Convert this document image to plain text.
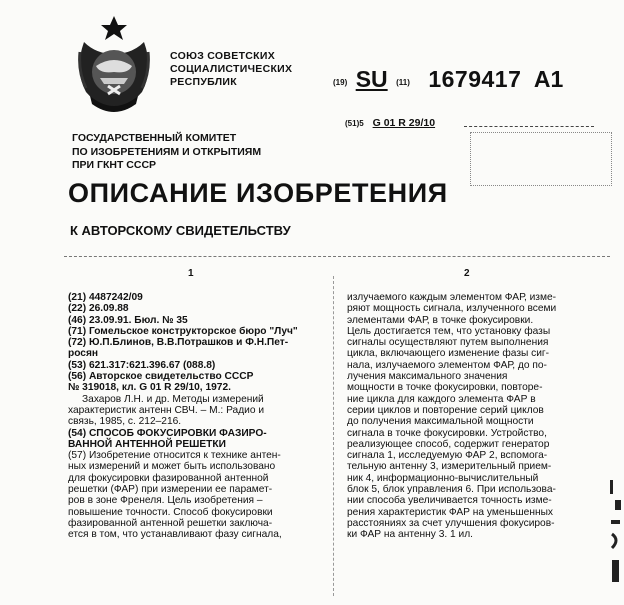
СОЮЗ СОВЕТСКИХ
СОЦИАЛИСТИЧЕСКИХ
РЕСПУБЛИК	(19) SU (11) 1679417 A1
(51)5 G 01 R 29/10
ГОСУДАРСТВЕННЫЙ КОМИТЕТ
ПО ИЗОБРЕТЕНИЯМ И ОТКРЫТИЯМ
ПРИ ГКНТ СССР
ОПИСАНИЕ ИЗОБРЕТЕНИЯ
К АВТОРСКОМУ СВИДЕТЕЛЬСТВУ
1	2
(21) 4487242/09
(22) 26.09.88
(46) 23.09.91. Бюл. № 35
(71) Гомельское конструкторское бюро "Луч"
(72) Ю.П.Блинов, В.В.Потрашков и Ф.Н.Пет-
росян
(53) 621.317:621.396.67 (088.8)
(56) Авторское свидетельство СССР
№ 319018, кл. G 01 R 29/10, 1972.
Захаров Л.Н. и др. Методы измерений
характеристик антенн СВЧ. – М.: Радио и
связь, 1985, с. 212–216.
(54) СПОСОБ ФОКУСИРОВКИ ФАЗИРО-
ВАННОЙ АНТЕННОЙ РЕШЕТКИ
(57) Изобретение относится к технике антен-
ных измерений и может быть использовано
для фокусировки фазированной антенной
решетки (ФАР) при измерении ее парамет-
ров в зоне Френеля. Цель изобретения –
повышение точности. Способ фокусировки
фазированной антенной решетки заключа-
ется в том, что устанавливают фазу сигнала,
излучаемого каждым элементом ФАР, изме-
ряют мощность сигнала, излученного всеми
элементами ФАР, в точке фокусировки.
Цель достигается тем, что установку фазы
сигналы осуществляют путем выполнения
цикла, включающего изменение фазы сиг-
нала, излучаемого элементом ФАР, до по-
лучения максимального значения
мощности в точке фокусировки, повторе-
ние цикла для каждого элемента ФАР в
серии циклов и повторение серий циклов
до получения максимальной мощности
сигнала в точке фокусировки. Устройство,
реализующее способ, содержит генератор
сигнала 1, исследуемую ФАР 2, вспомога-
тельную антенну 3, измерительный прием-
ник 4, информационно-вычислительный
блок 5, блок управления 6. При использова-
нии способа увеличивается точность изме-
рения характеристик ФАР на уменьшенных
расстояниях за счет улучшения фокусиров-
ки ФАР на антенну 3. 1 ил.
